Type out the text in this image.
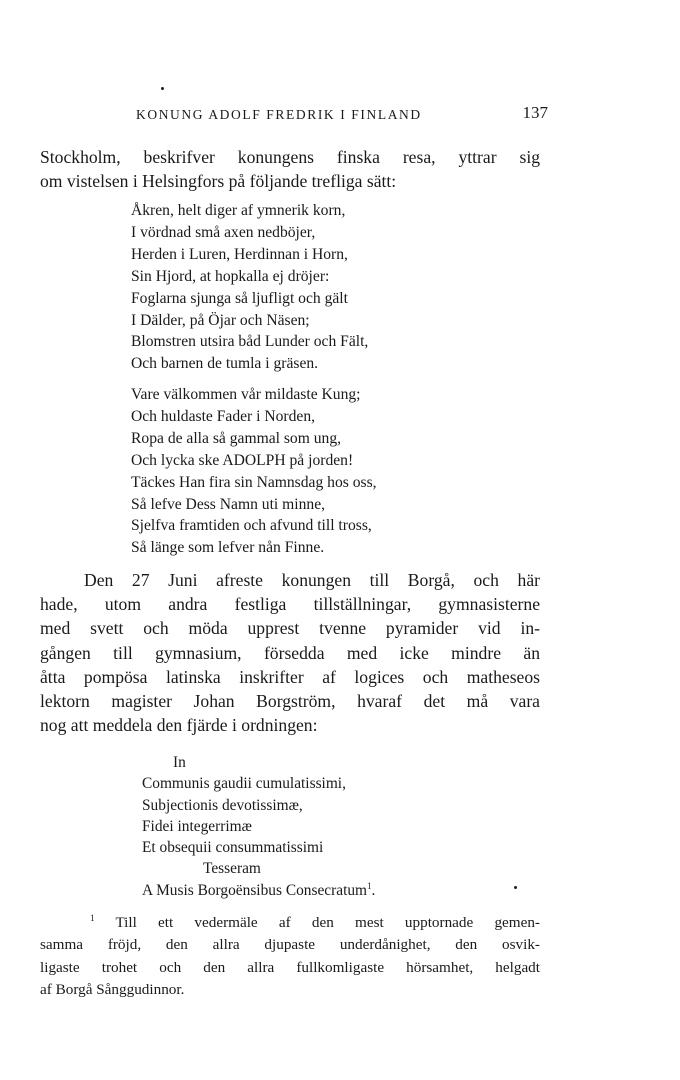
KONUNG ADOLF FREDRIK I FINLAND	137
Stockholm, beskrifver konungens finska resa, yttrar sig
om vistelsen i Helsingfors på följande trefliga sätt:
Åkren, helt diger af ymnerik korn,
I vördnad små axen nedböjer,
Herden i Luren, Herdinnan i Horn,
Sin Hjord, at hopkalla ej dröjer:
Foglarna sjunga så ljufligt och gält
I Dälder, på Öjar och Näsen;
Blomstren utsira båd Lunder och Fält,
Och barnen de tumla i gräsen.
Vare välkommen vår mildaste Kung;
Och huldaste Fader i Norden,
Ropa de alla så gammal som ung,
Och lycka ske ADOLPH på jorden!
Täckes Han fira sin Namnsdag hos oss,
Så lefve Dess Namn uti minne,
Sjelfva framtiden och afvund till tross,
Så länge som lefver nån Finne.
Den 27 Juni afreste konungen till Borgå, och här
hade, utom andra festliga tillställningar, gymnasisterne
med svett och möda upprest tvenne pyramider vid in-
gången till gymnasium, försedda med icke mindre än
åtta pompösa latinska inskrifter af logices och matheseos
lektorn magister Johan Borgström, hvaraf det må vara
nog att meddela den fjärde i ordningen:
In
Communis gaudii cumulatissimi,
Subjectionis devotissimæ,
Fidei integerrimæ
Et obsequii consummatissimi
Tesseram
A Musis Borgoënsibus Consecratum$^1$.
$^1$ Till ett vedermäle af den mest upptornade gemen-
samma fröjd, den allra djupaste underdånighet, den osvik-
ligaste trohet och den allra fullkomligaste hörsamhet, helgadt
af Borgå Sånggudinnor.
